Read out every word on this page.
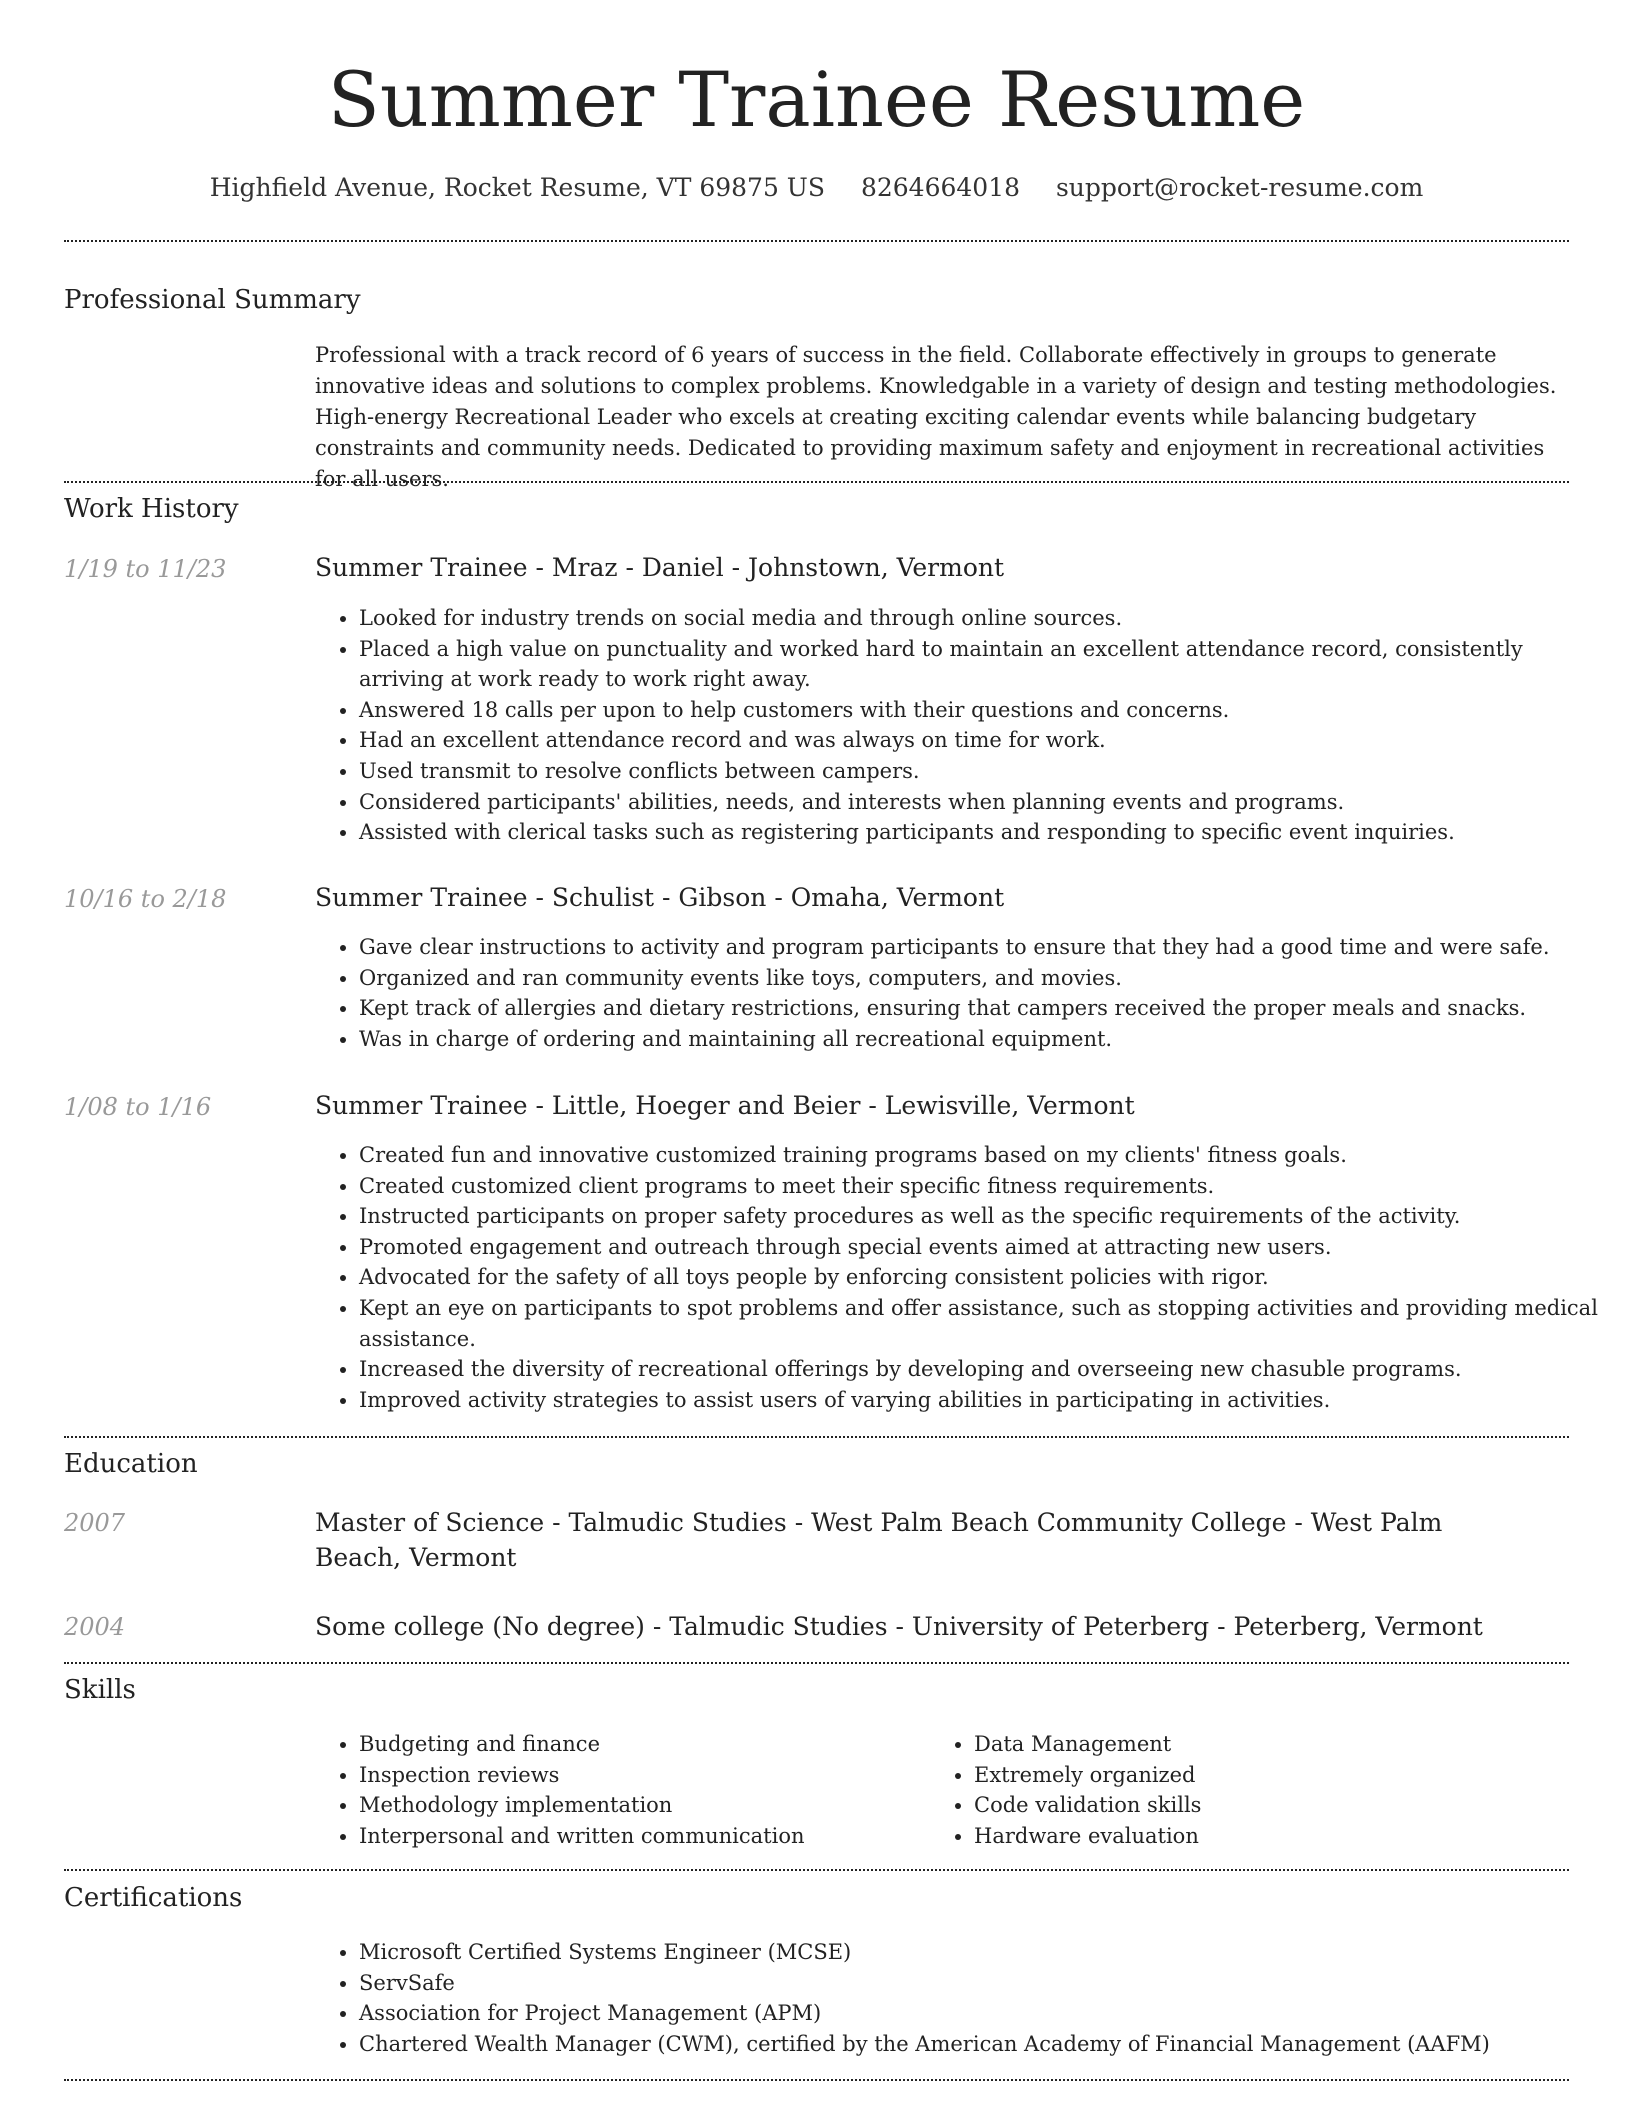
Summer Trainee Resume
Highfield Avenue, Rocket Resume, VT 69875 US 8264664018 support@rocket-resume.com
Professional Summary

Professional with a track record of 6 years of success in the field. Collaborate effectively in groups to generate innovative ideas and solutions to complex problems. Knowledgable in a variety of design and testing methodologies. High-energy Recreational Leader who excels at creating exciting calendar events while balancing budgetary constraints and community needs. Dedicated to providing maximum safety and enjoyment in recreational activities for all users.

Work History
1/19 to 11/23	Summer Trainee - Mraz - Daniel - Johnstown, Vermont
• Looked for industry trends on social media and through online sources.
• Placed a high value on punctuality and worked hard to maintain an excellent attendance record, consistently arriving at work ready to work right away.
• Answered 18 calls per upon to help customers with their questions and concerns.
• Had an excellent attendance record and was always on time for work.
• Used transmit to resolve conflicts between campers.
• Considered participants' abilities, needs, and interests when planning events and programs.
• Assisted with clerical tasks such as registering participants and responding to specific event inquiries.
10/16 to 2/18	Summer Trainee - Schulist - Gibson - Omaha, Vermont
• Gave clear instructions to activity and program participants to ensure that they had a good time and were safe.
• Organized and ran community events like toys, computers, and movies.
• Kept track of allergies and dietary restrictions, ensuring that campers received the proper meals and snacks.
• Was in charge of ordering and maintaining all recreational equipment.
1/08 to 1/16	Summer Trainee - Little, Hoeger and Beier - Lewisville, Vermont
• Created fun and innovative customized training programs based on my clients' fitness goals.
• Created customized client programs to meet their specific fitness requirements.
• Instructed participants on proper safety procedures as well as the specific requirements of the activity.
• Promoted engagement and outreach through special events aimed at attracting new users.
• Advocated for the safety of all toys people by enforcing consistent policies with rigor.
• Kept an eye on participants to spot problems and offer assistance, such as stopping activities and providing medical assistance.
• Increased the diversity of recreational offerings by developing and overseeing new chasuble programs.
• Improved activity strategies to assist users of varying abilities in participating in activities.
Education
2007	Master of Science - Talmudic Studies - West Palm Beach Community College - West Palm Beach, Vermont
2004	Some college (No degree) - Talmudic Studies - University of Peterberg - Peterberg, Vermont
Skills
• Budgeting and finance
• Inspection reviews
• Methodology implementation
• Interpersonal and written communication
• Data Management
• Extremely organized
• Code validation skills
• Hardware evaluation
Certifications
• Microsoft Certified Systems Engineer (MCSE)
• ServSafe
• Association for Project Management (APM)
• Chartered Wealth Manager (CWM), certified by the American Academy of Financial Management (AAFM)
